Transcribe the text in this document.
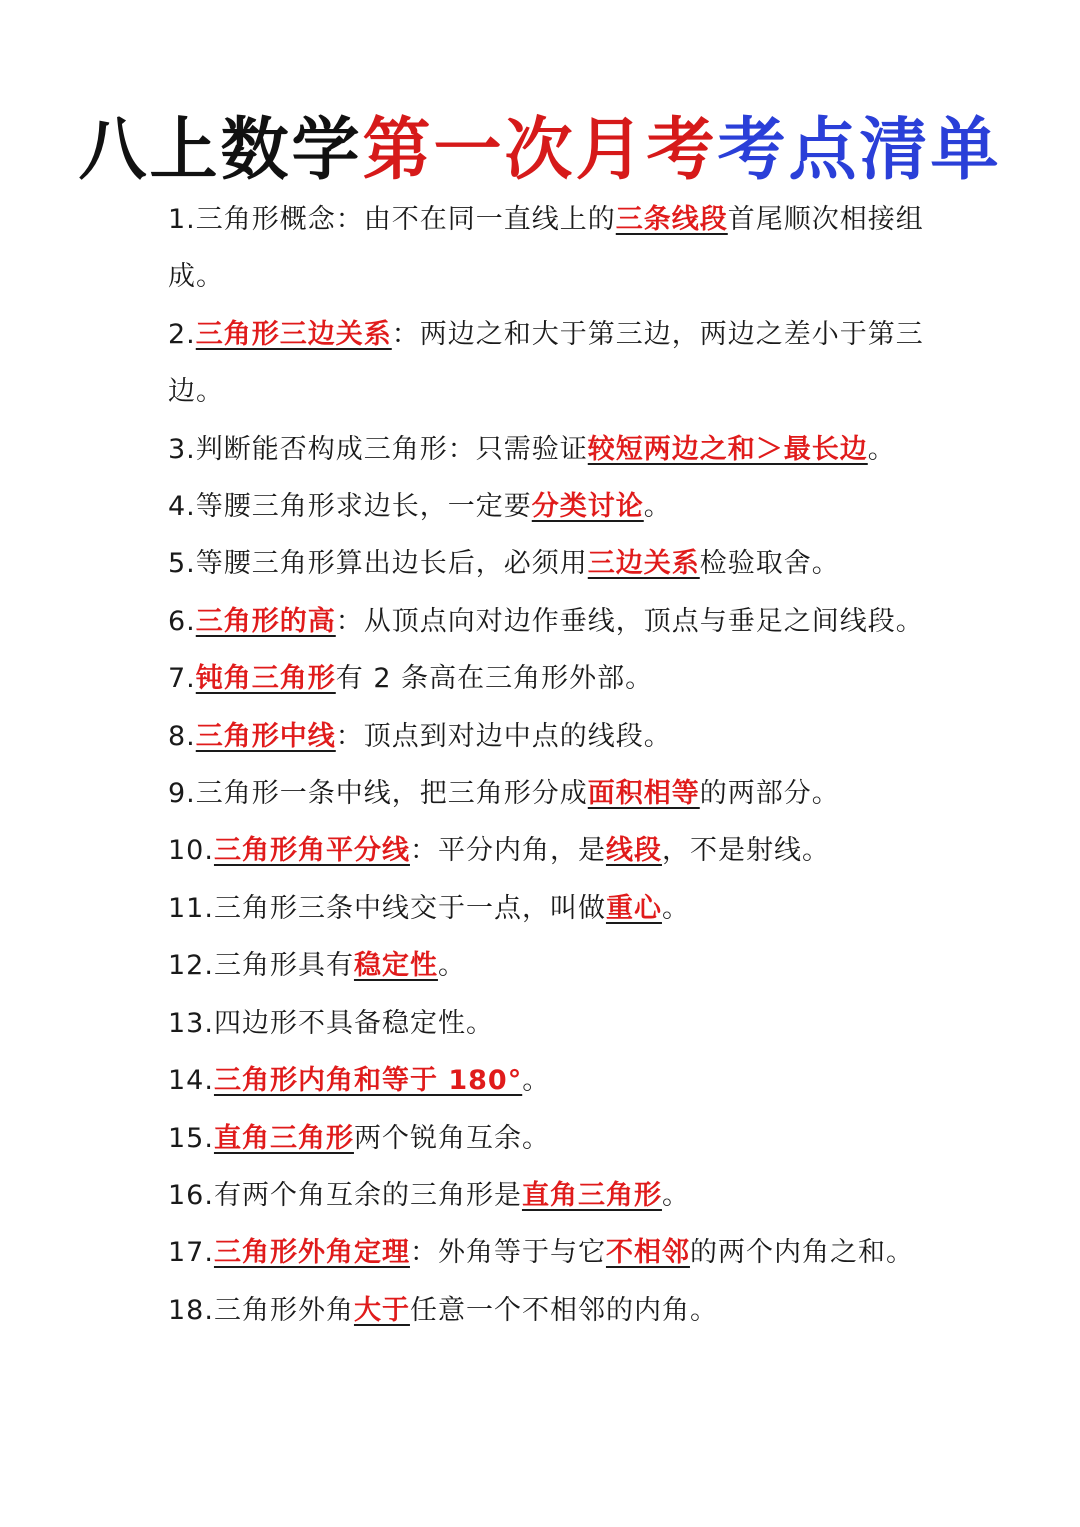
八上数学第一次月考考点清单
1.三角形概念：由不在同一直线上的三条线段首尾顺次相接组成。
2.三角形三边关系：两边之和大于第三边，两边之差小于第三边。
3.判断能否构成三角形：只需验证较短两边之和＞最长边。
4.等腰三角形求边长，一定要分类讨论。
5.等腰三角形算出边长后，必须用三边关系检验取舍。
6.三角形的高：从顶点向对边作垂线，顶点与垂足之间线段。
7.钝角三角形有 2 条高在三角形外部。
8.三角形中线：顶点到对边中点的线段。
9.三角形一条中线，把三角形分成面积相等的两部分。
10.三角形角平分线：平分内角，是线段，不是射线。
11.三角形三条中线交于一点，叫做重心。
12.三角形具有稳定性。
13.四边形不具备稳定性。
14.三角形内角和等于 180°。
15.直角三角形两个锐角互余。
16.有两个角互余的三角形是直角三角形。
17.三角形外角定理：外角等于与它不相邻的两个内角之和。
18.三角形外角大于任意一个不相邻的内角。
